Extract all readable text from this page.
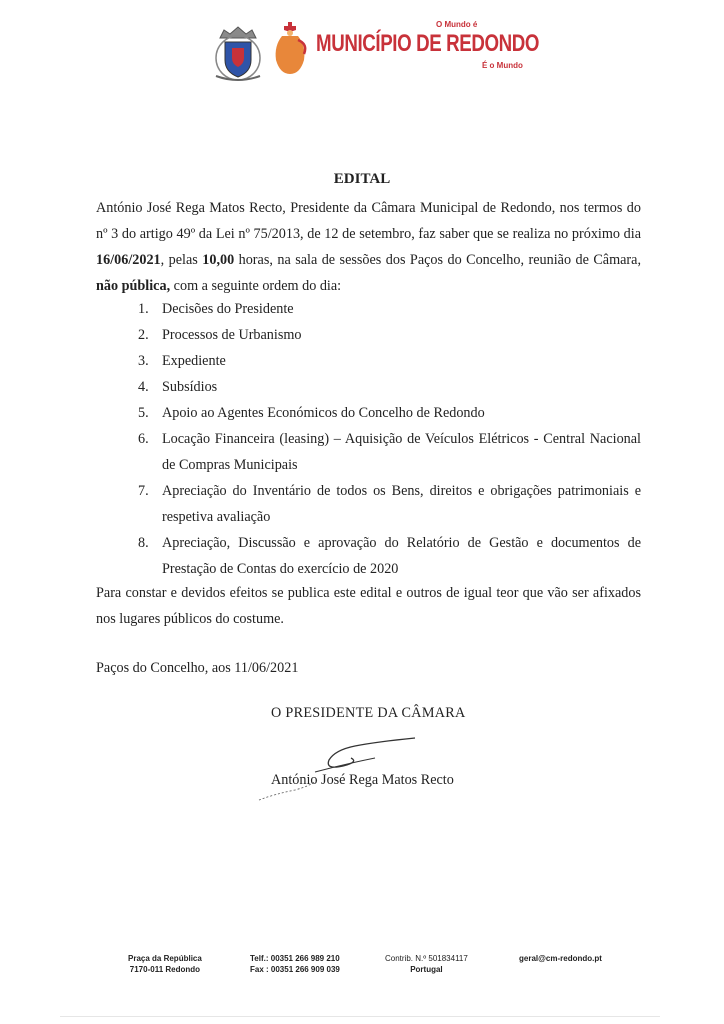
O Mundo é
MUNICÍPIO DE REDONDO
É o Mundo
EDITAL

António José Rega Matos Recto, Presidente da Câmara Municipal de Redondo, nos termos do nº 3 do artigo 49º da Lei nº 75/2013, de 12 de setembro, faz saber que se realiza no próximo dia 16/06/2021, pelas 10,00 horas, na sala de sessões dos Paços do Concelho, reunião de Câmara, não pública, com a seguinte ordem do dia:

1. Decisões do Presidente
2. Processos de Urbanismo
3. Expediente
4. Subsídios
5. Apoio ao Agentes Económicos do Concelho de Redondo
6. Locação Financeira (leasing) – Aquisição de Veículos Elétricos - Central Nacional de Compras Municipais
7. Apreciação do Inventário de todos os Bens, direitos e obrigações patrimoniais e respetiva avaliação
8. Apreciação, Discussão e aprovação do Relatório de Gestão e documentos de Prestação de Contas do exercício de 2020

Para constar e devidos efeitos se publica este edital e outros de igual teor que vão ser afixados nos lugares públicos do costume.

Paços do Concelho, aos 11/06/2021
O PRESIDENTE DA CÂMARA
António José Rega Matos Recto
Praça da República
7170-011 Redondo
Telf.: 00351 266 989 210
Fax : 00351 266 909 039
Contrib. N.º 501834117
Portugal
geral@cm-redondo.pt
